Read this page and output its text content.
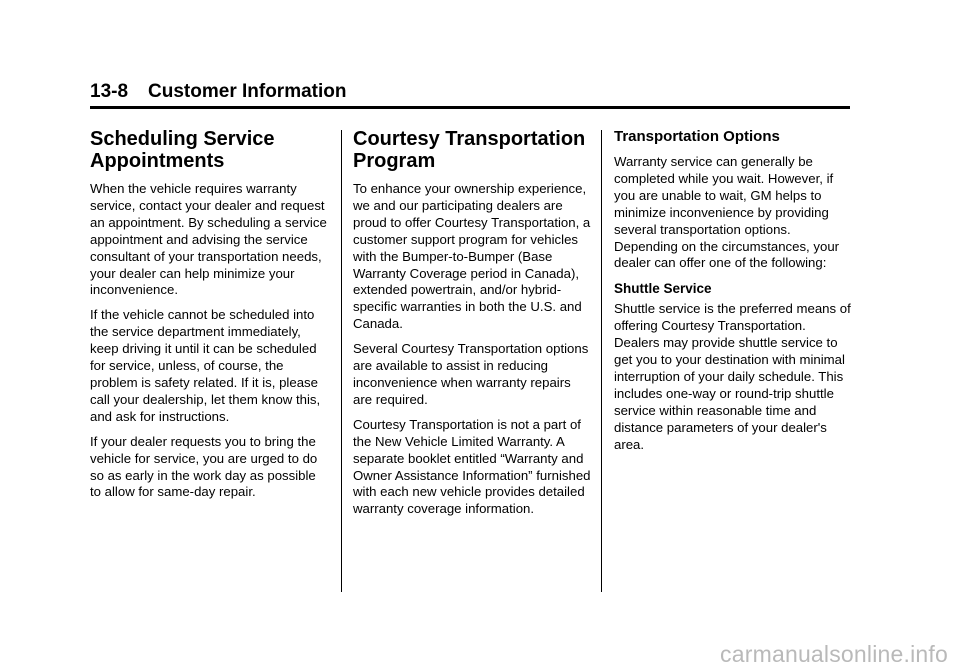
13-8 Customer Information
Scheduling Service Appointments

When the vehicle requires warranty service, contact your dealer and request an appointment. By scheduling a service appointment and advising the service consultant of your transportation needs, your dealer can help minimize your inconvenience.

If the vehicle cannot be scheduled into the service department immediately, keep driving it until it can be scheduled for service, unless, of course, the problem is safety related. If it is, please call your dealership, let them know this, and ask for instructions.

If your dealer requests you to bring the vehicle for service, you are urged to do so as early in the work day as possible to allow for same-day repair.

Courtesy Transportation Program

To enhance your ownership experience, we and our participating dealers are proud to offer Courtesy Transportation, a customer support program for vehicles with the Bumper-to-Bumper (Base Warranty Coverage period in Canada), extended powertrain, and/or hybrid-specific warranties in both the U.S. and Canada.

Several Courtesy Transportation options are available to assist in reducing inconvenience when warranty repairs are required.

Courtesy Transportation is not a part of the New Vehicle Limited Warranty. A separate booklet entitled “Warranty and Owner Assistance Information” furnished with each new vehicle provides detailed warranty coverage information.

Transportation Options

Warranty service can generally be completed while you wait. However, if you are unable to wait, GM helps to minimize inconvenience by providing several transportation options. Depending on the circumstances, your dealer can offer one of the following:

Shuttle Service

Shuttle service is the preferred means of offering Courtesy Transportation. Dealers may provide shuttle service to get you to your destination with minimal interruption of your daily schedule. This includes one-way or round-trip shuttle service within reasonable time and distance parameters of your dealer's area.

carmanualsonline.info
